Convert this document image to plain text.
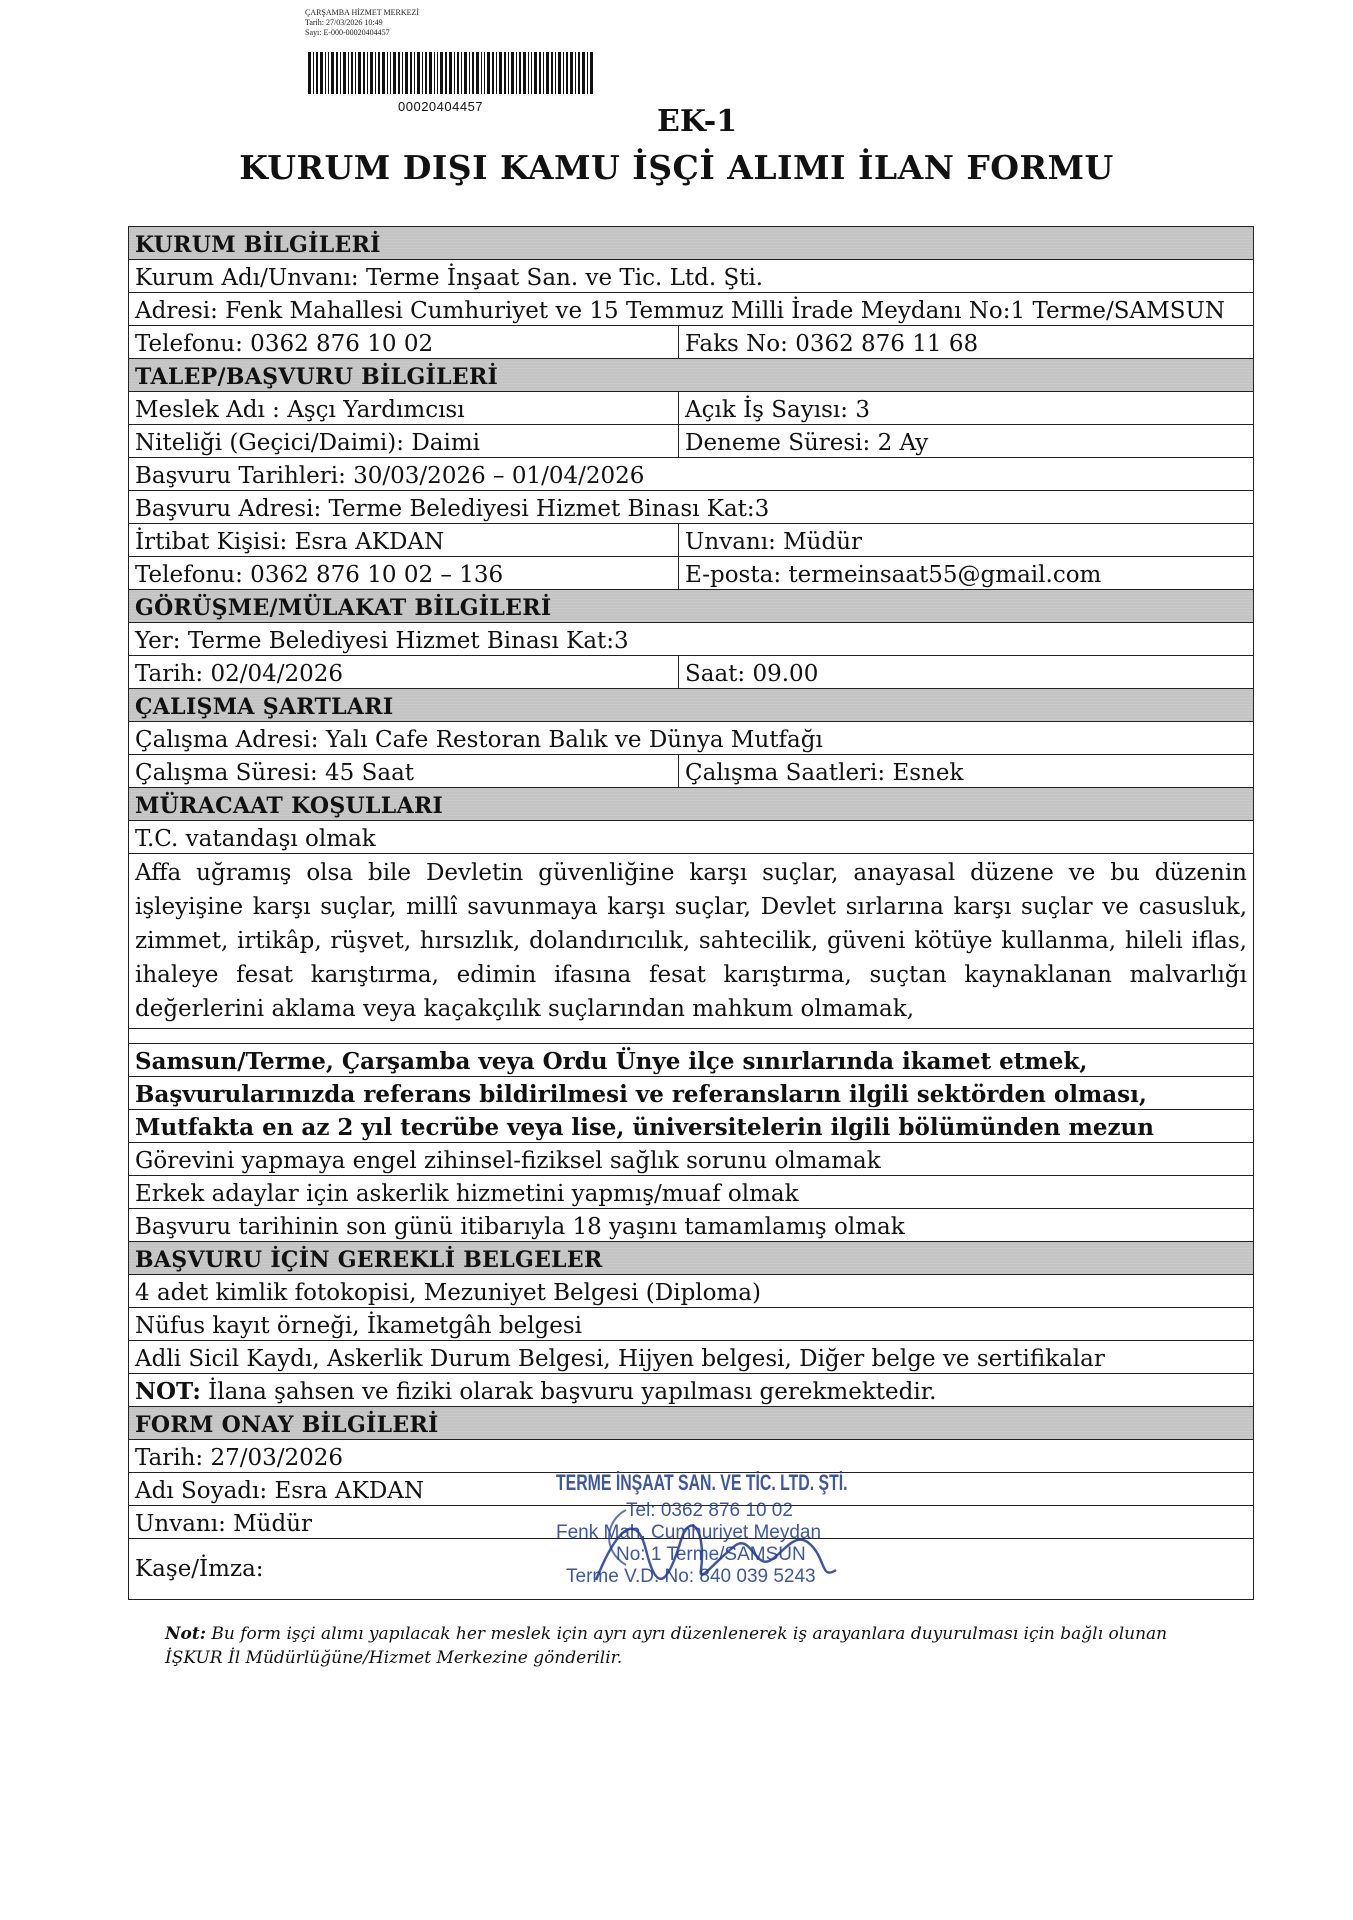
ÇARŞAMBA HİZMET MERKEZİ
Tarih: 27/03/2026 10:49
Sayı: E-000-00020404457
00020404457	EK-1
KURUM DIŞI KAMU İŞÇİ ALIMI İLAN FORMU
KURUM BİLGİLERİ	
Kurum Adı/Unvanı: Terme İnşaat San. ve Tic. Ltd. Şti.	
Adresi: Fenk Mahallesi Cumhuriyet ve 15 Temmuz Milli İrade Meydanı No:1 Terme/SAMSUN	
Telefonu: 0362 876 10 02	Faks No: 0362 876 11 68
TALEP/BAŞVURU BİLGİLERİ	
Meslek Adı : Aşçı Yardımcısı	Açık İş Sayısı: 3
Niteliği (Geçici/Daimi): Daimi	Deneme Süresi: 2 Ay
Başvuru Tarihleri: 30/03/2026 – 01/04/2026	
Başvuru Adresi: Terme Belediyesi Hizmet Binası Kat:3	
İrtibat Kişisi: Esra AKDAN	Unvanı: Müdür
Telefonu: 0362 876 10 02 – 136	E-posta: termeinsaat55@gmail.com
GÖRÜŞME/MÜLAKAT BİLGİLERİ	
Yer: Terme Belediyesi Hizmet Binası Kat:3	
Tarih: 02/04/2026	Saat: 09.00
ÇALIŞMA ŞARTLARI	
Çalışma Adresi: Yalı Cafe Restoran Balık ve Dünya Mutfağı	
Çalışma Süresi: 45 Saat	Çalışma Saatleri: Esnek
MÜRACAAT KOŞULLARI	
T.C. vatandaşı olmak	
Affa uğramış olsa bile Devletin güvenliğine karşı suçlar, anayasal düzene ve bu düzenin işleyişine karşı suçlar, millî savunmaya karşı suçlar, Devlet sırlarına karşı suçlar ve casusluk, zimmet, irtikâp, rüşvet, hırsızlık, dolandırıcılık, sahtecilik, güveni kötüye kullanma, hileli iflas, ihaleye fesat karıştırma, edimin ifasına fesat karıştırma, suçtan kaynaklanan malvarlığı değerlerini aklama veya kaçakçılık suçlarından mahkum olmamak,	

Samsun/Terme, Çarşamba veya Ordu Ünye ilçe sınırlarında ikamet etmek,	
Başvurularınızda referans bildirilmesi ve referansların ilgili sektörden olması,	
Mutfakta en az 2 yıl tecrübe veya lise, üniversitelerin ilgili bölümünden mezun	
Görevini yapmaya engel zihinsel-fiziksel sağlık sorunu olmamak	
Erkek adaylar için askerlik hizmetini yapmış/muaf olmak	
Başvuru tarihinin son günü itibarıyla 18 yaşını tamamlamış olmak	
BAŞVURU İÇİN GEREKLİ BELGELER	
4 adet kimlik fotokopisi, Mezuniyet Belgesi (Diploma)	
Nüfus kayıt örneği, İkametgâh belgesi	
Adli Sicil Kaydı, Askerlik Durum Belgesi, Hijyen belgesi, Diğer belge ve sertifikalar	
NOT: İlana şahsen ve fiziki olarak başvuru yapılması gerekmektedir.	
FORM ONAY BİLGİLERİ	
Tarih: 27/03/2026	
Adı Soyadı: Esra AKDAN	
Unvanı: Müdür	
Kaşe/İmza:	
TERME İNŞAAT SAN. VE TİC. LTD. ŞTİ.
Tel: 0362 876 10 02
Fenk Mah. Cumhuriyet Meydan
No: 1 Terme/SAMSUN
Terme V.D. No: 840 039 5243
Not: Bu form işçi alımı yapılacak her meslek için ayrı ayrı düzenlenerek iş arayanlara duyurulması için bağlı olunan İŞKUR İl Müdürlüğüne/Hizmet Merkezine gönderilir.
